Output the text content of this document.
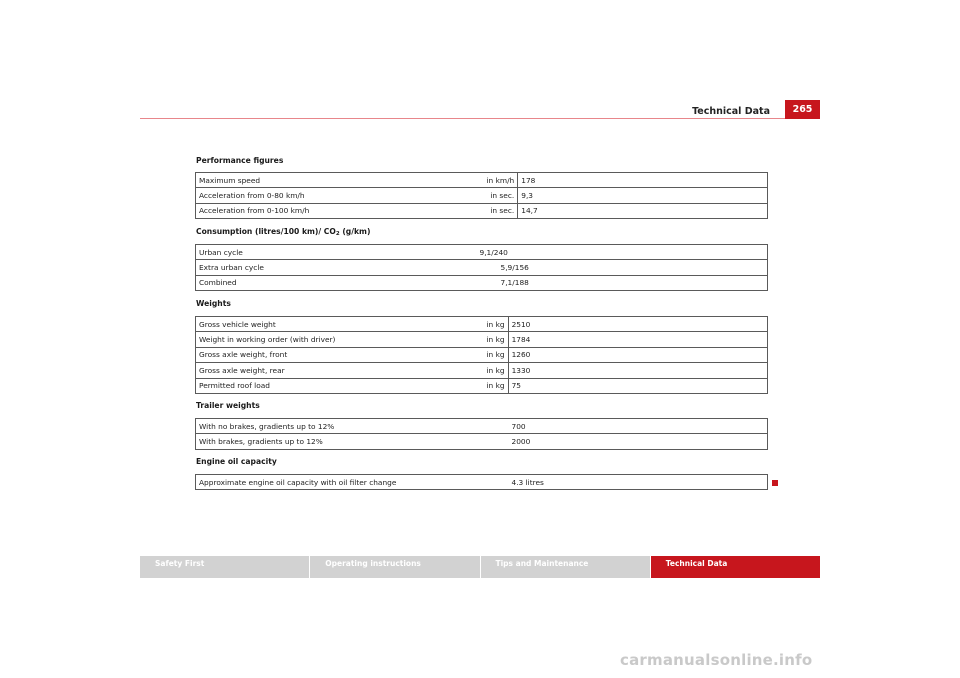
Technical Data	265
Performance figures
Maximum speed	in km/h	178
Acceleration from 0-80 km/h	in sec.	9,3
Acceleration from 0-100 km/h	in sec.	14,7
Consumption (litres/100 km)/ $CO_2$ (g/km)
Urban cycle	9,1/240
Extra urban cycle	5,9/156
Combined	7,1/188
Weights
Gross vehicle weight	in kg	2510
Weight in working order (with driver)	in kg	1784
Gross axle weight, front	in kg	1260
Gross axle weight, rear	in kg	1330
Permitted roof load	in kg	75
Trailer weights
With no brakes, gradients up to 12%	700
With brakes, gradients up to 12%	2000
Engine oil capacity
Approximate engine oil capacity with oil filter change	4.3 litres
Safety First	Operating instructions	Tips and Maintenance	Technical Data
carmanualsonline.info
